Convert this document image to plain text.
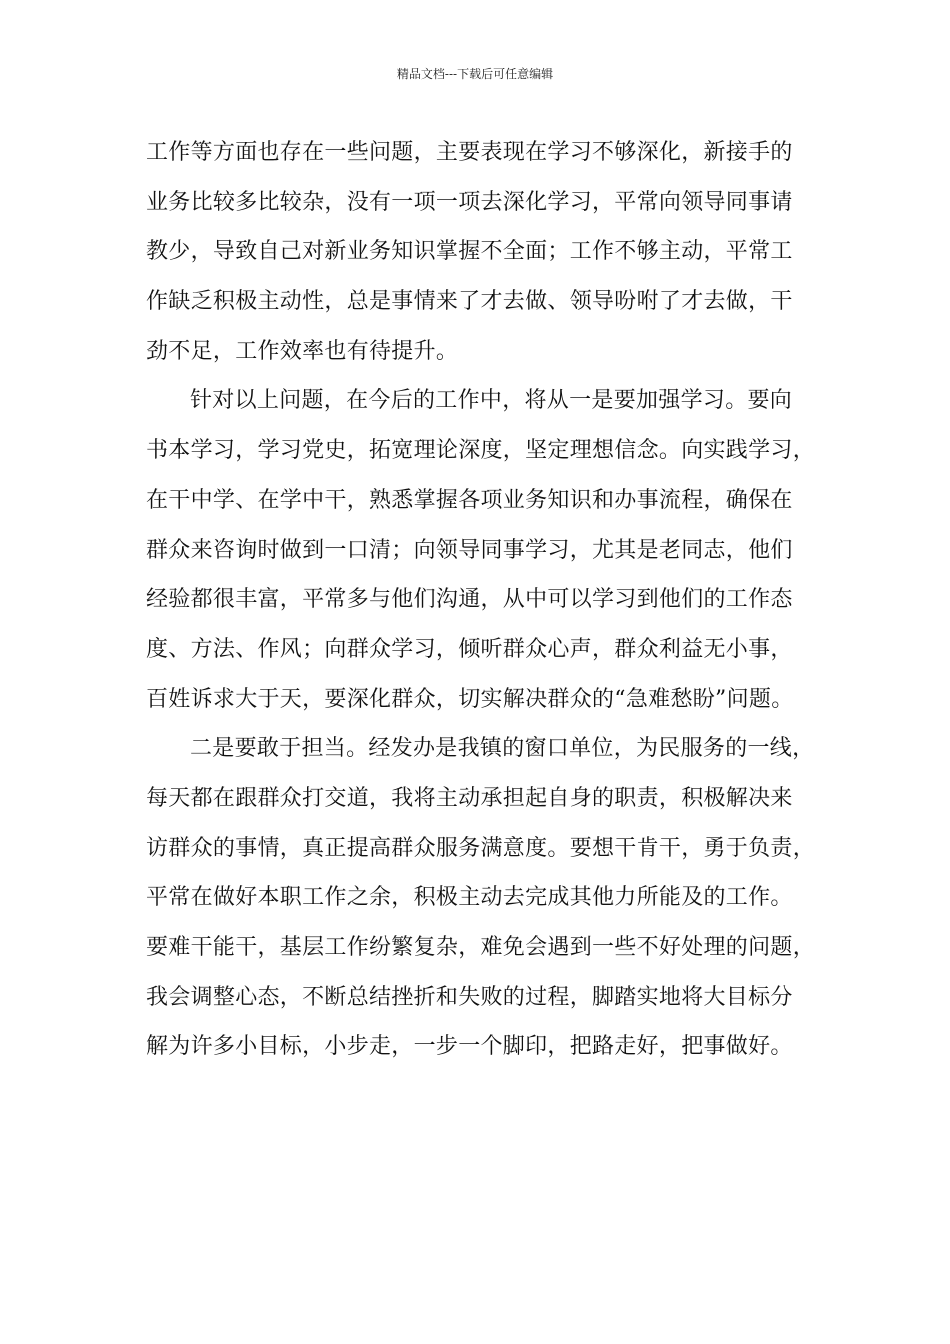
精品文档---下载后可任意编辑
工作等方面也存在一些问题，主要表现在学习不够深化，新接手的
业务比较多比较杂，没有一项一项去深化学习，平常向领导同事请
教少，导致自己对新业务知识掌握不全面；工作不够主动，平常工
作缺乏积极主动性，总是事情来了才去做、领导吩咐了才去做，干
劲不足，工作效率也有待提升。
针对以上问题，在今后的工作中，将从一是要加强学习。要向
书本学习，学习党史，拓宽理论深度，坚定理想信念。向实践学习，
在干中学、在学中干，熟悉掌握各项业务知识和办事流程，确保在
群众来咨询时做到一口清；向领导同事学习，尤其是老同志，他们
经验都很丰富，平常多与他们沟通，从中可以学习到他们的工作态
度、方法、作风；向群众学习，倾听群众心声，群众利益无小事，
百姓诉求大于天，要深化群众，切实解决群众的“急难愁盼”问题。
二是要敢于担当。经发办是我镇的窗口单位，为民服务的一线，
每天都在跟群众打交道，我将主动承担起自身的职责，积极解决来
访群众的事情，真正提高群众服务满意度。要想干肯干，勇于负责，
平常在做好本职工作之余，积极主动去完成其他力所能及的工作。
要难干能干，基层工作纷繁复杂，难免会遇到一些不好处理的问题，
我会调整心态，不断总结挫折和失败的过程，脚踏实地将大目标分
解为许多小目标，小步走，一步一个脚印，把路走好，把事做好。
